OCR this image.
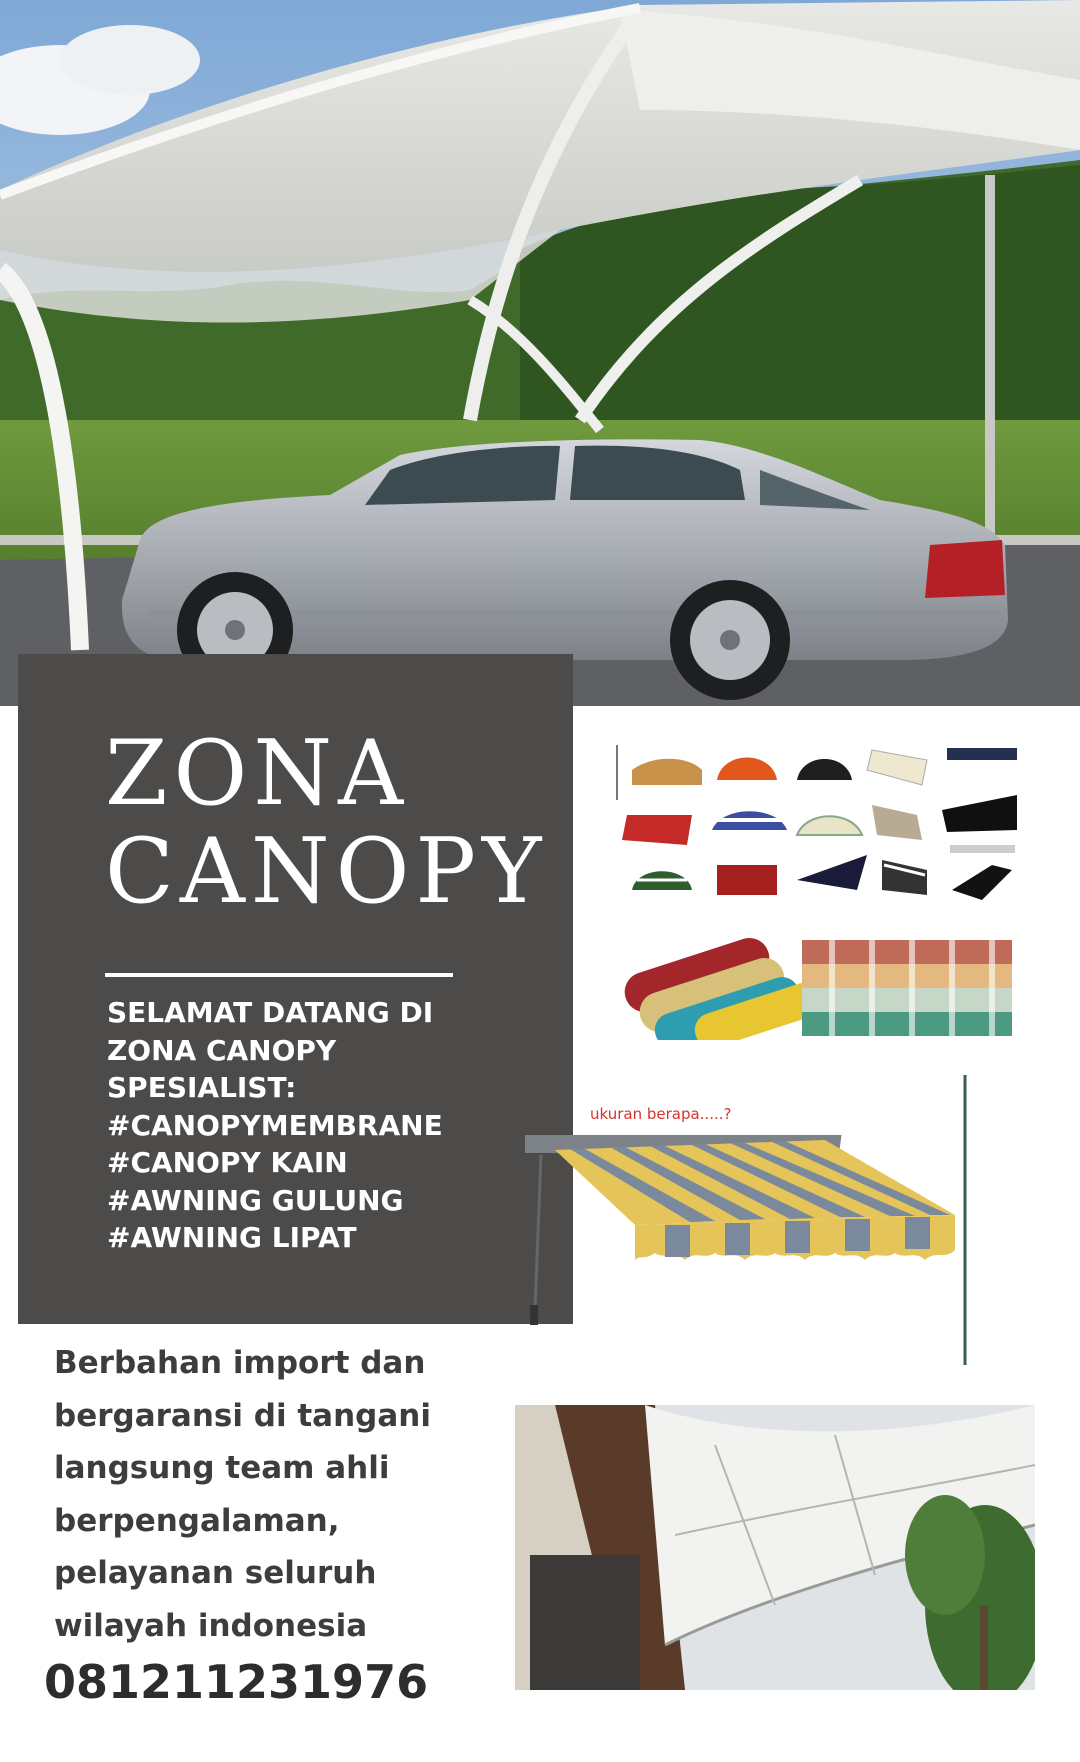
ZONA
CANOPY
SELAMAT DATANG DI
ZONA CANOPY
SPESIALIST:
#CANOPYMEMBRANE
#CANOPY KAIN
#AWNING GULUNG
#AWNING LIPAT
ukuran berapa.....?
Berbahan import dan
bergaransi di tangani
langsung team ahli
berpengalaman,
pelayanan seluruh
wilayah indonesia
081211231976
